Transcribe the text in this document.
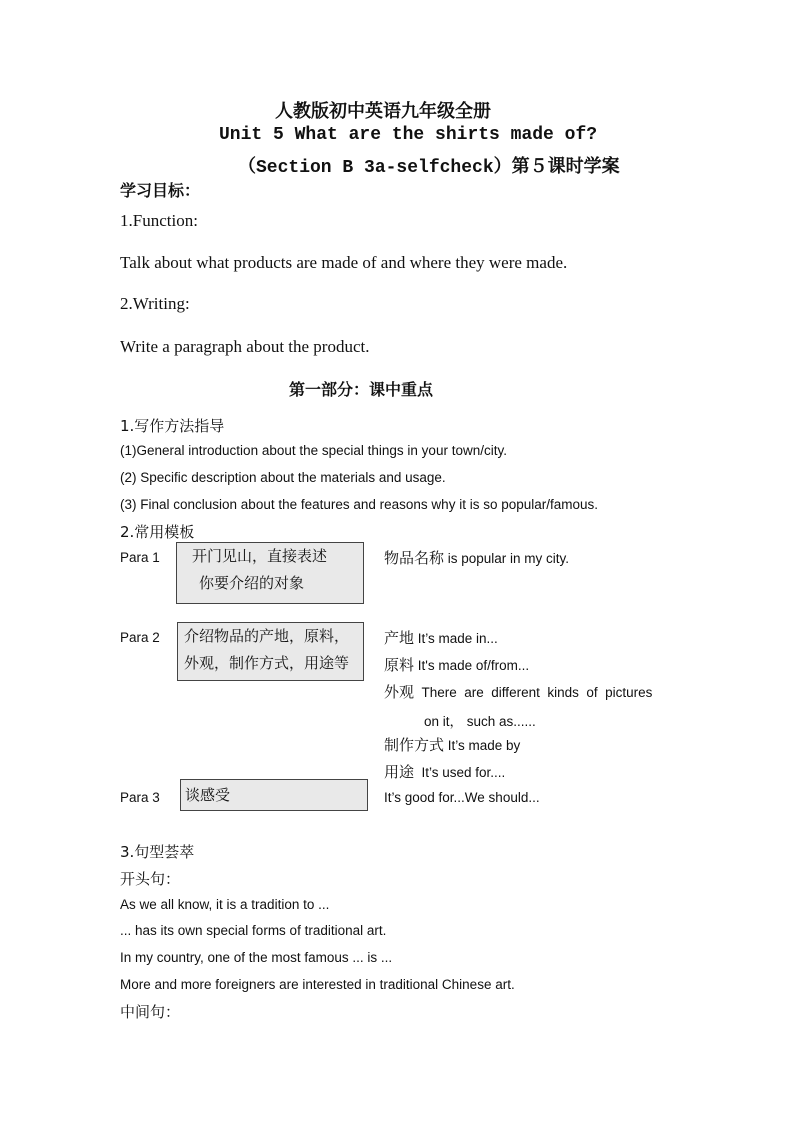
人教版初中英语九年级全册
Unit 5 What are the shirts made of?
（Section B 3a-selfcheck）第５课时学案
学习目标：
1.Function:
Talk about what products are made of and where they were made.
2.Writing:
Write a paragraph about the product.
第一部分：课中重点
1.写作方法指导
(1)General introduction about the special things in your town/city.
(2) Specific description about the materials and usage.
(3) Final conclusion about the features and reasons why it is so popular/famous.
2.常用模板
Para 1	开门见山，直接表述
你要介绍的对象
物品名称 is popular in my city.
Para 2	介绍物品的产地，原料，
外观，制作方式，用途等
产地 It’s made in...
原料 It's made of/from...
外观  There  are  different  kinds  of  pictures
on it， such as......
制作方式 It’s made by
用途  It’s used for....
Para 3 谈感受	It’s good for...We should...
3.句型荟萃
开头句：
As we all know, it is a tradition to ...
... has its own special forms of traditional art.
In my country, one of the most famous ... is ...
More and more foreigners are interested in traditional Chinese art.
中间句：
